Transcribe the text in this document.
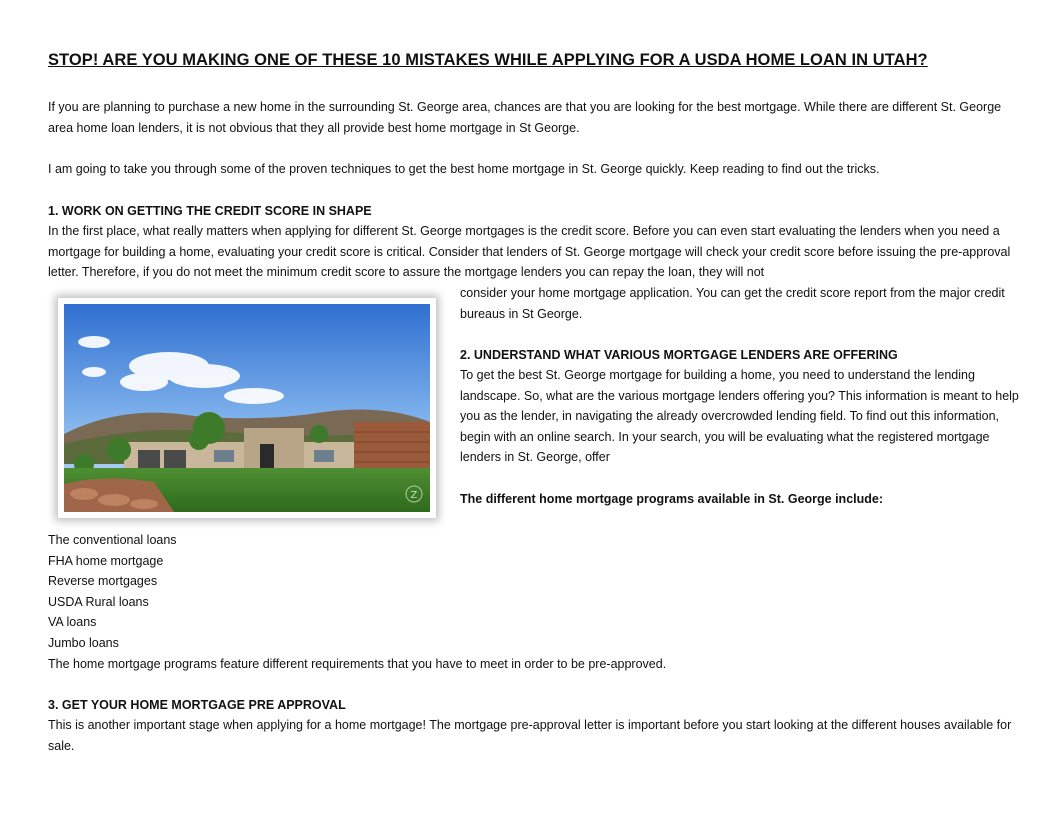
STOP! ARE YOU MAKING ONE OF THESE 10 MISTAKES WHILE APPLYING FOR A USDA HOME LOAN IN UTAH?

If you are planning to purchase a new home in the surrounding St. George area, chances are that you are looking for the best mortgage. While there are different St. George area home loan lenders, it is not obvious that they all provide best home mortgage in St George.

I am going to take you through some of the proven techniques to get the best home mortgage in St. George quickly. Keep reading to find out the tricks.

1. WORK ON GETTING THE CREDIT SCORE IN SHAPE

In the first place, what really matters when applying for different St. George mortgages is the credit score. Before you can even start evaluating the lenders when you need a mortgage for building a home, evaluating your credit score is critical. Consider that lenders of St. George mortgage will check your credit score before issuing the pre-approval letter. Therefore, if you do not meet the minimum credit score to assure the mortgage lenders you can repay the loan, they will not

Z

consider your home mortgage application. You can get the credit score report from the major credit bureaus in St George.

2. UNDERSTAND WHAT VARIOUS MORTGAGE LENDERS ARE OFFERING

To get the best St. George mortgage for building a home, you need to understand the lending landscape. So, what are the various mortgage lenders offering you? This information is meant to help you as the lender, in navigating the already overcrowded lending field. To find out this information, begin with an online search. In your search, you will be evaluating what the registered mortgage lenders in St. George, offer

The different home mortgage programs available in St. George include:

The conventional loans
FHA home mortgage
Reverse mortgages
USDA Rural loans
VA loans
Jumbo loans

The home mortgage programs feature different requirements that you have to meet in order to be pre-approved.

3. GET YOUR HOME MORTGAGE PRE APPROVAL

This is another important stage when applying for a home mortgage! The mortgage pre-approval letter is important before you start looking at the different houses available for sale.
